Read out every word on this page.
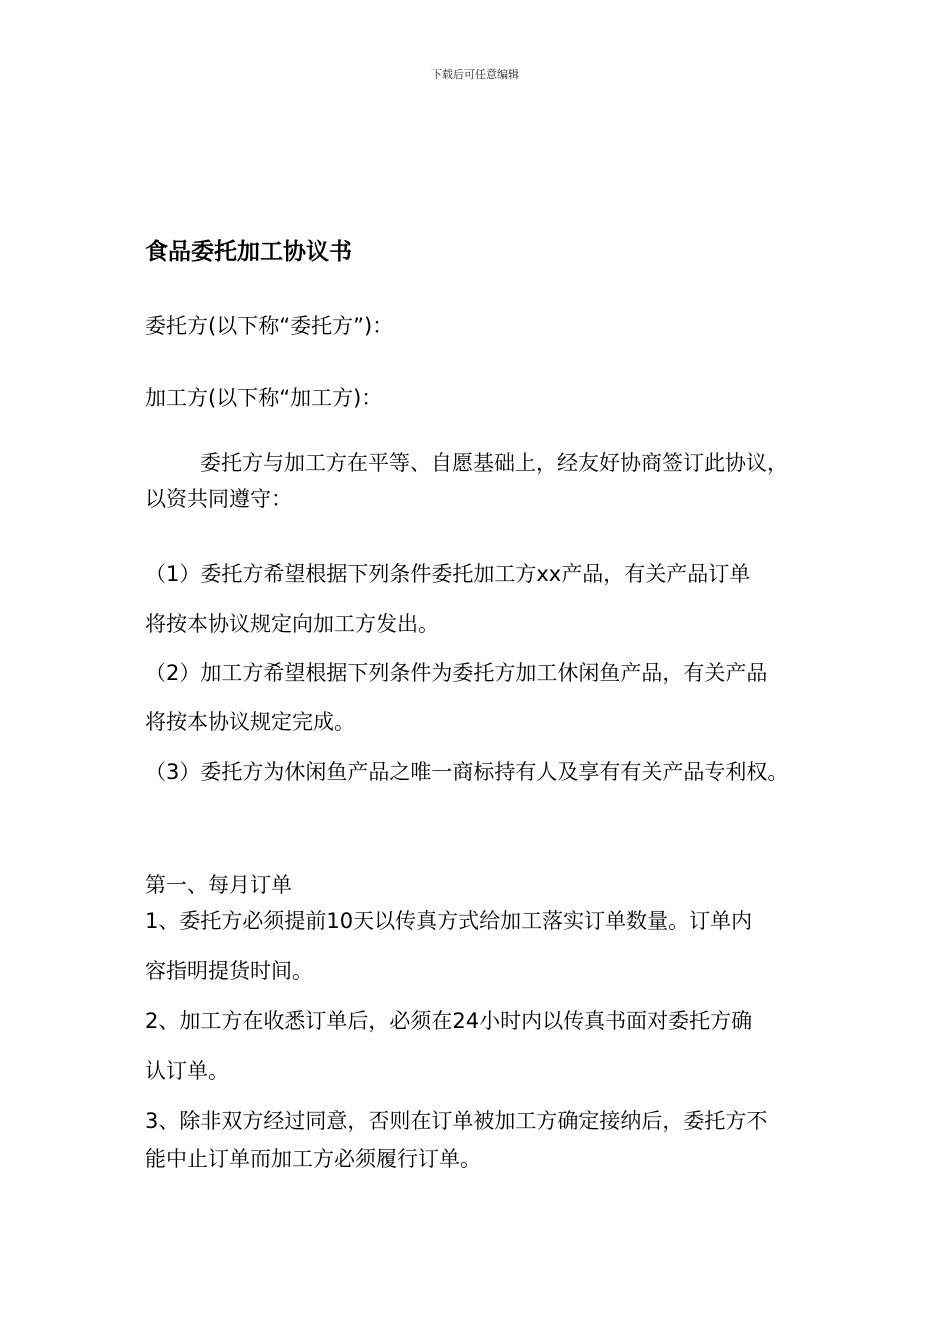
下载后可任意编辑
食品委托加工协议书
委托方(以下称“委托方”)：
加工方(以下称“加工方)：
委托方与加工方在平等、自愿基础上，经友好协商签订此协议，
以资共同遵守：
（1）委托方希望根据下列条件委托加工方xx产品，有关产品订单
将按本协议规定向加工方发出。
（2）加工方希望根据下列条件为委托方加工休闲鱼产品，有关产品
将按本协议规定完成。
（3）委托方为休闲鱼产品之唯一商标持有人及享有有关产品专利权。
第一、每月订单
1、委托方必须提前10天以传真方式给加工落实订单数量。订单内
容指明提货时间。
2、加工方在收悉订单后，必须在24小时内以传真书面对委托方确
认订单。
3、除非双方经过同意，否则在订单被加工方确定接纳后，委托方不
能中止订单而加工方必须履行订单。
